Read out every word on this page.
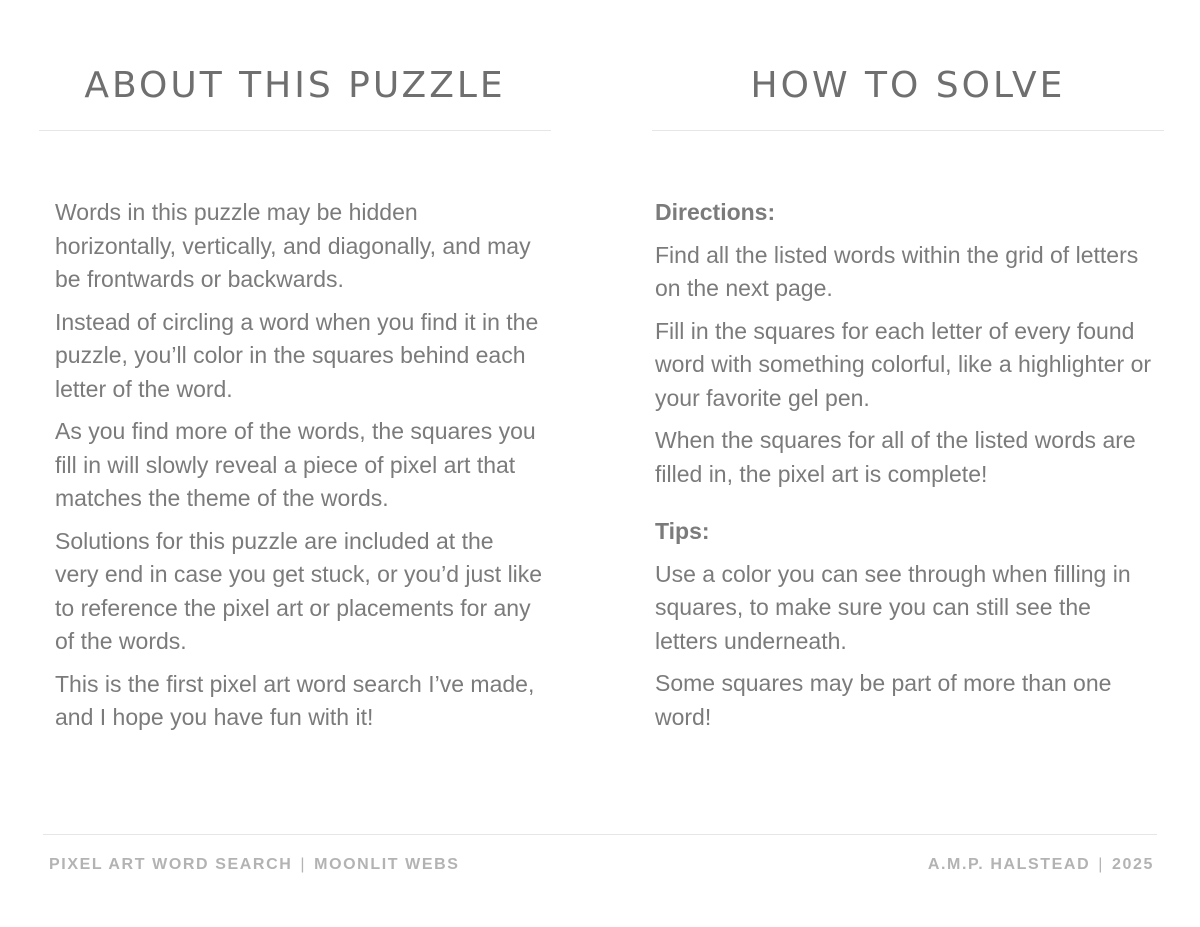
ABOUT THIS PUZZLE

Words in this puzzle may be hidden horizontally, vertically, and diagonally, and may be frontwards or backwards.

Instead of circling a word when you find it in the puzzle, you’ll color in the squares behind each letter of the word.

As you find more of the words, the squares you fill in will slowly reveal a piece of pixel art that matches the theme of the words.

Solutions for this puzzle are included at the very end in case you get stuck, or you’d just like to reference the pixel art or placements for any of the words.

This is the first pixel art word search I’ve made, and I hope you have fun with it!

HOW TO SOLVE

Directions:

Find all the listed words within the grid of letters on the next page.

Fill in the squares for each letter of every found word with something colorful, like a highlighter or your favorite gel pen.

When the squares for all of the listed words are filled in, the pixel art is complete!

Tips:

Use a color you can see through when filling in squares, to make sure you can still see the letters underneath.

Some squares may be part of more than one word!

PIXEL ART WORD SEARCH | MOONLIT WEBS	A.M.P. HALSTEAD | 2025
